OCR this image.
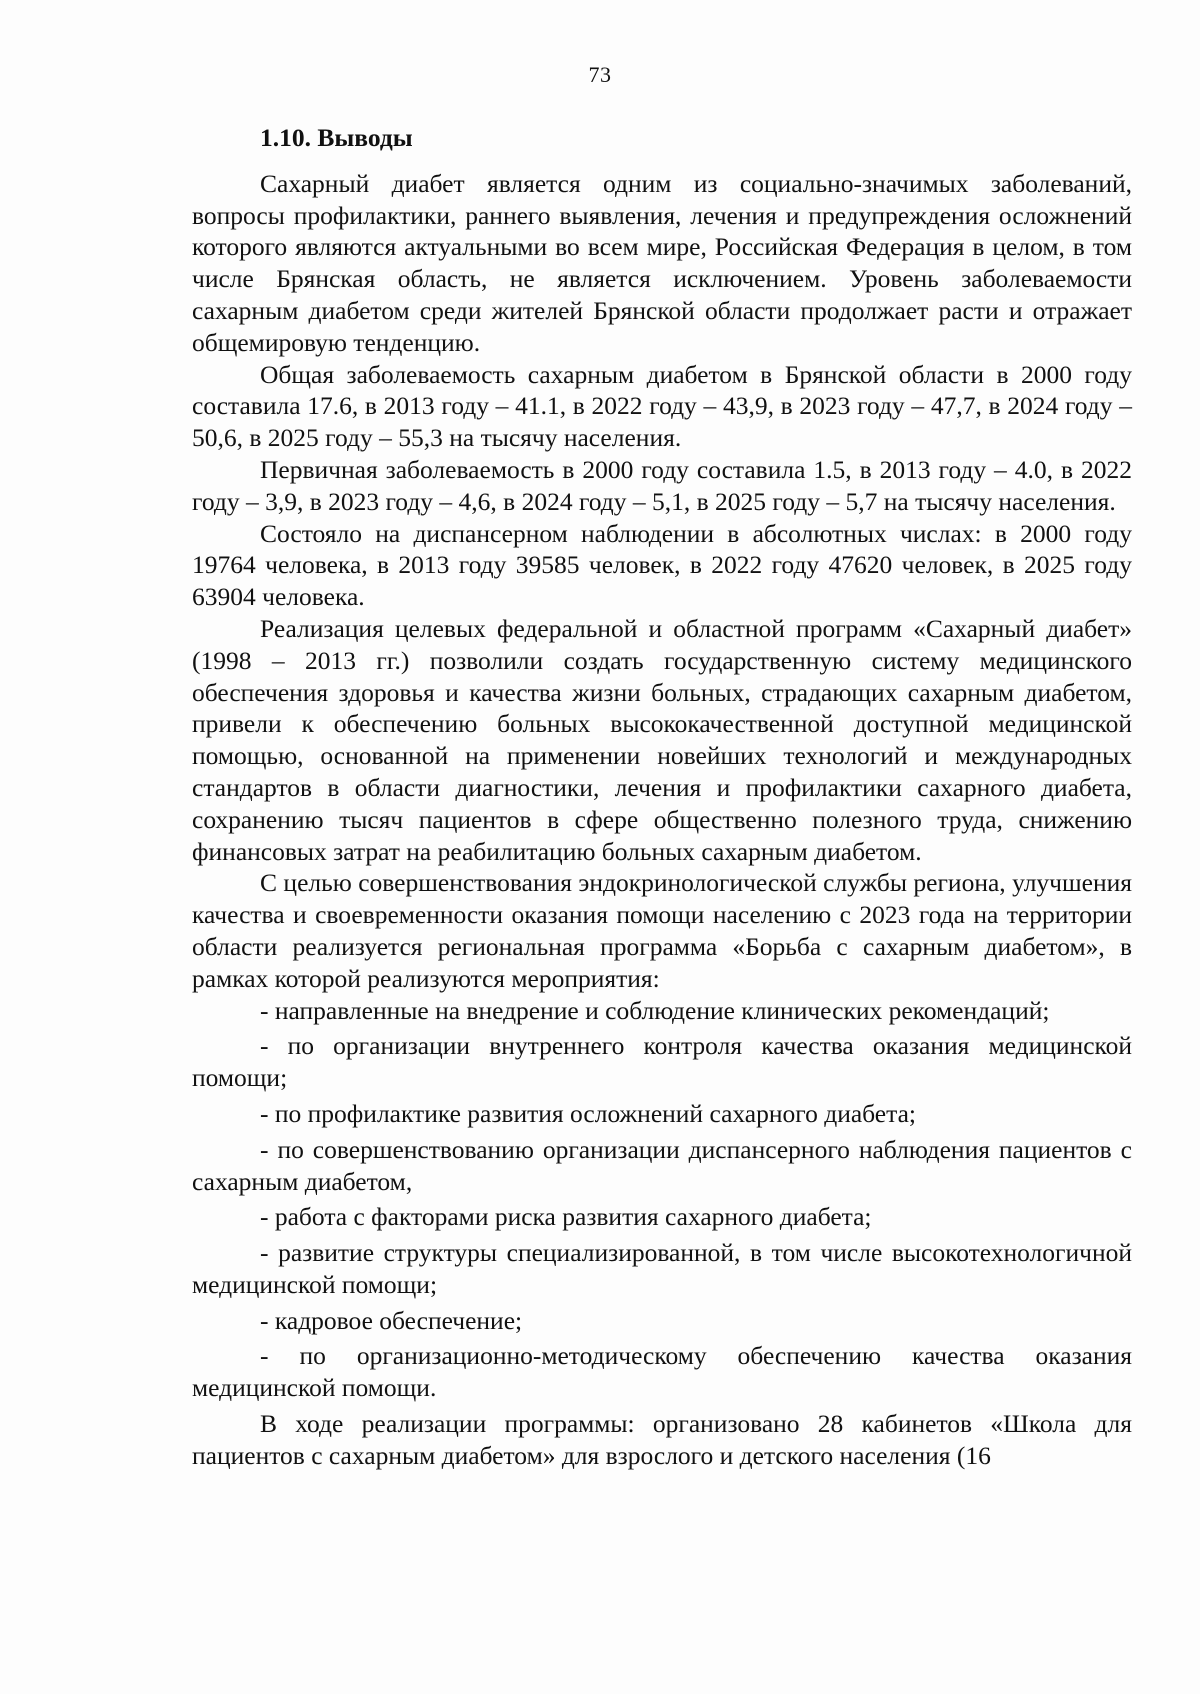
73

1.10. Выводы

Сахарный диабет является одним из социально-значимых заболеваний, вопросы профилактики, раннего выявления, лечения и предупреждения осложнений которого являются актуальными во всем мире, Российская Федерация в целом, в том числе Брянская область, не является исключением. Уровень заболеваемости сахарным диабетом среди жителей Брянской области продолжает расти и отражает общемировую тенденцию.

Общая заболеваемость сахарным диабетом в Брянской области в 2000 году составила 17.6, в 2013 году – 41.1, в 2022 году – 43,9, в 2023 году – 47,7, в 2024 году – 50,6, в 2025 году – 55,3 на тысячу населения.

Первичная заболеваемость в 2000 году составила 1.5, в 2013 году – 4.0, в 2022 году – 3,9, в 2023 году – 4,6, в 2024 году – 5,1, в 2025 году – 5,7 на тысячу населения.

Состояло на диспансерном наблюдении в абсолютных числах: в 2000 году 19764 человека, в 2013 году 39585 человек, в 2022 году 47620 человек, в 2025 году 63904 человека.

Реализация целевых федеральной и областной программ «Сахарный диабет» (1998 – 2013 гг.) позволили создать государственную систему медицинского обеспечения здоровья и качества жизни больных, страдающих сахарным диабетом, привели к обеспечению больных высококачественной доступной медицинской помощью, основанной на применении новейших технологий и международных стандартов в области диагностики, лечения и профилактики сахарного диабета, сохранению тысяч пациентов в сфере общественно полезного труда, снижению финансовых затрат на реабилитацию больных сахарным диабетом.

С целью совершенствования эндокринологической службы региона, улучшения качества и своевременности оказания помощи населению с 2023 года на территории области реализуется региональная программа «Борьба с сахарным диабетом», в рамках которой реализуются мероприятия:

- направленные на внедрение и соблюдение клинических рекомендаций;

- по организации внутреннего контроля качества оказания медицинской помощи;

- по профилактике развития осложнений сахарного диабета;

- по совершенствованию организации диспансерного наблюдения пациентов с сахарным диабетом,

- работа с факторами риска развития сахарного диабета;

- развитие структуры специализированной, в том числе высокотехнологичной медицинской помощи;

- кадровое обеспечение;

- по организационно-методическому обеспечению качества оказания медицинской помощи.

В ходе реализации программы: организовано 28 кабинетов «Школа для пациентов с сахарным диабетом» для взрослого и детского населения (16
